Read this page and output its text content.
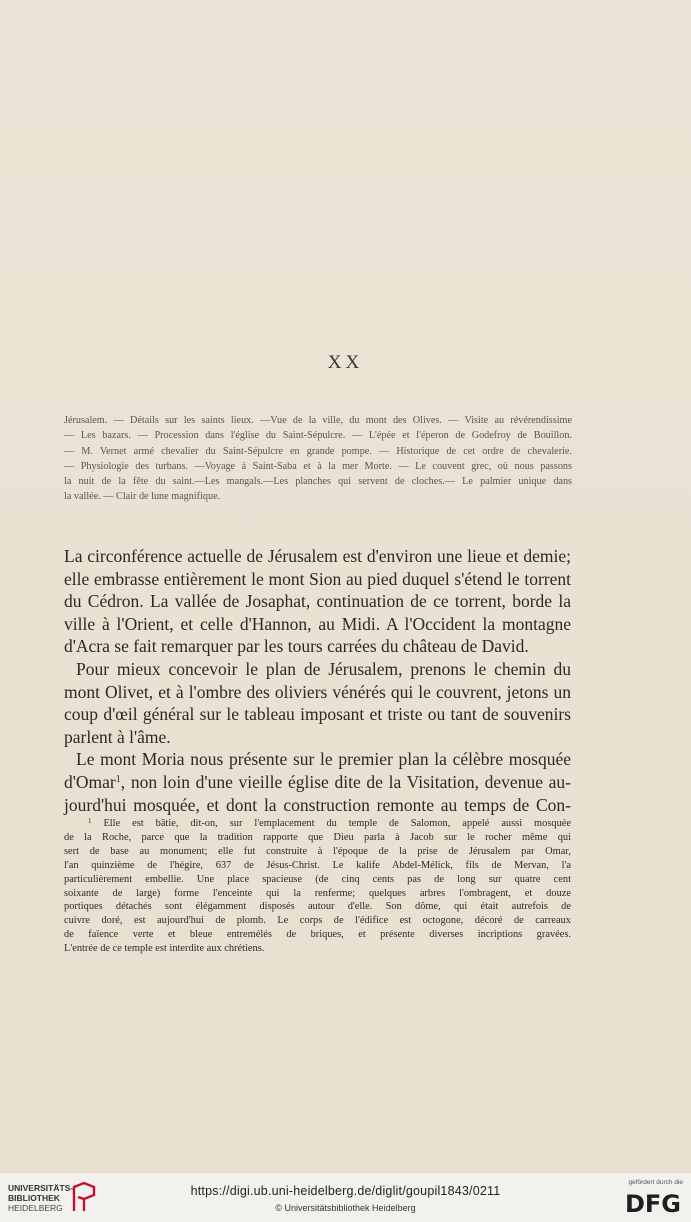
XX
Jérusalem. — Détails sur les saints lieux. —Vue de la ville, du mont des Olives. — Visite au révérendissime
— Les bazars. — Procession dans l'église du Saint-Sépulcre. — L'épée et l'éperon de Godefroy de Bouillon.
— M. Vernet armé chevalier du Saint-Sépulcre en grande pompe. — Historique de cet ordre de chevalerie.
— Physiologie des turbans. —Voyage à Saint-Saba et à la mer Morte. — Le couvent grec, où nous passons
la nuit de la fête du saint.—Les mangals.—Les planches qui servent de cloches.— Le palmier unique dans
la vallée. — Clair de lune magnifique.
La circonférence actuelle de Jérusalem est d'environ une lieue et demie;
elle embrasse entièrement le mont Sion au pied duquel s'étend le torrent
du Cédron. La vallée de Josaphat, continuation de ce torrent, borde la
ville à l'Orient, et celle d'Hannon, au Midi. A l'Occident la montagne
d'Acra se fait remarquer par les tours carrées du château de David.
Pour mieux concevoir le plan de Jérusalem, prenons le chemin du
mont Olivet, et à l'ombre des oliviers vénérés qui le couvrent, jetons un
coup d'œil général sur le tableau imposant et triste ou tant de souvenirs
parlent à l'âme.
Le mont Moria nous présente sur le premier plan la célèbre mosquée
d'Omar$^1$, non loin d'une vieille église dite de la Visitation, devenue au-
jourd'hui mosquée, et dont la construction remonte au temps de Con-
$^1$ Elle est bâtie, dit-on, sur l'emplacement du temple de Salomon, appelé aussi mosquée
de la Roche, parce que la tradition rapporte que Dieu parla à Jacob sur le rocher même qui
sert de base au monument; elle fut construite à l'époque de la prise de Jérusalem par Omar,
l'an quinzième de l'hégire, 637 de Jésus-Christ. Le kalife Abdel-Mélick, fils de Mervan, l'a
particulièrement embellie. Une place spacieuse (de cinq cents pas de long sur quatre cent
soixante de large) forme l'enceinte qui la renferme; quelques arbres l'ombragent, et douze
portiques détachés sont élégamment disposés autour d'elle. Son dôme, qui était autrefois de
cuivre doré, est aujourd'hui de plomb. Le corps de l'édifice est octogone, décoré de carreaux
de faïence verte et bleue entremélés de briques, et présente diverses incriptions gravées.
L'entrée de ce temple est interdite aux chrétiens.
UNIVERSITÄTS-
BIBLIOTHEK
HEIDELBERG
https://digi.ub.uni-heidelberg.de/diglit/goupil1843/0211
© Universitätsbibliothek Heidelberg
gefördert durch die
DFG
